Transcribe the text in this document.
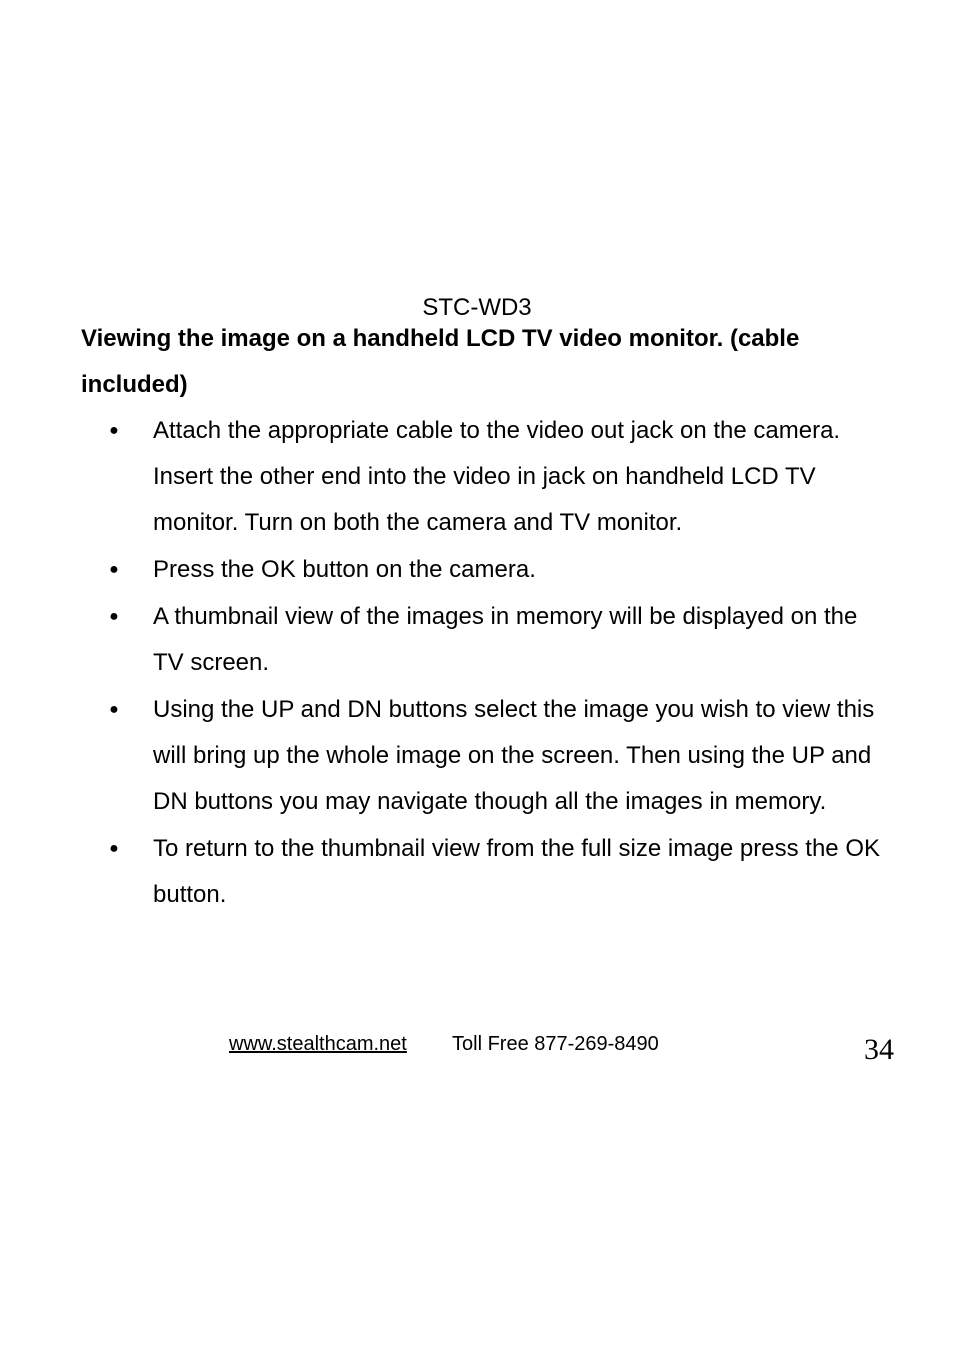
STC-WD3
Viewing the image on a handheld LCD TV video monitor. (cable included)
● Attach the appropriate cable to the video out jack on the camera. Insert the other end into the video in jack on handheld LCD TV monitor. Turn on both the camera and TV monitor.
● Press the OK button on the camera.
● A thumbnail view of the images in memory will be displayed on the TV screen.
● Using the UP and DN buttons select the image you wish to view this will bring up the whole image on the screen. Then using the UP and DN buttons you may navigate though all the images in memory.
● To return to the thumbnail view from the full size image press the OK button.
www.stealthcam.net Toll Free 877-269-8490	34
